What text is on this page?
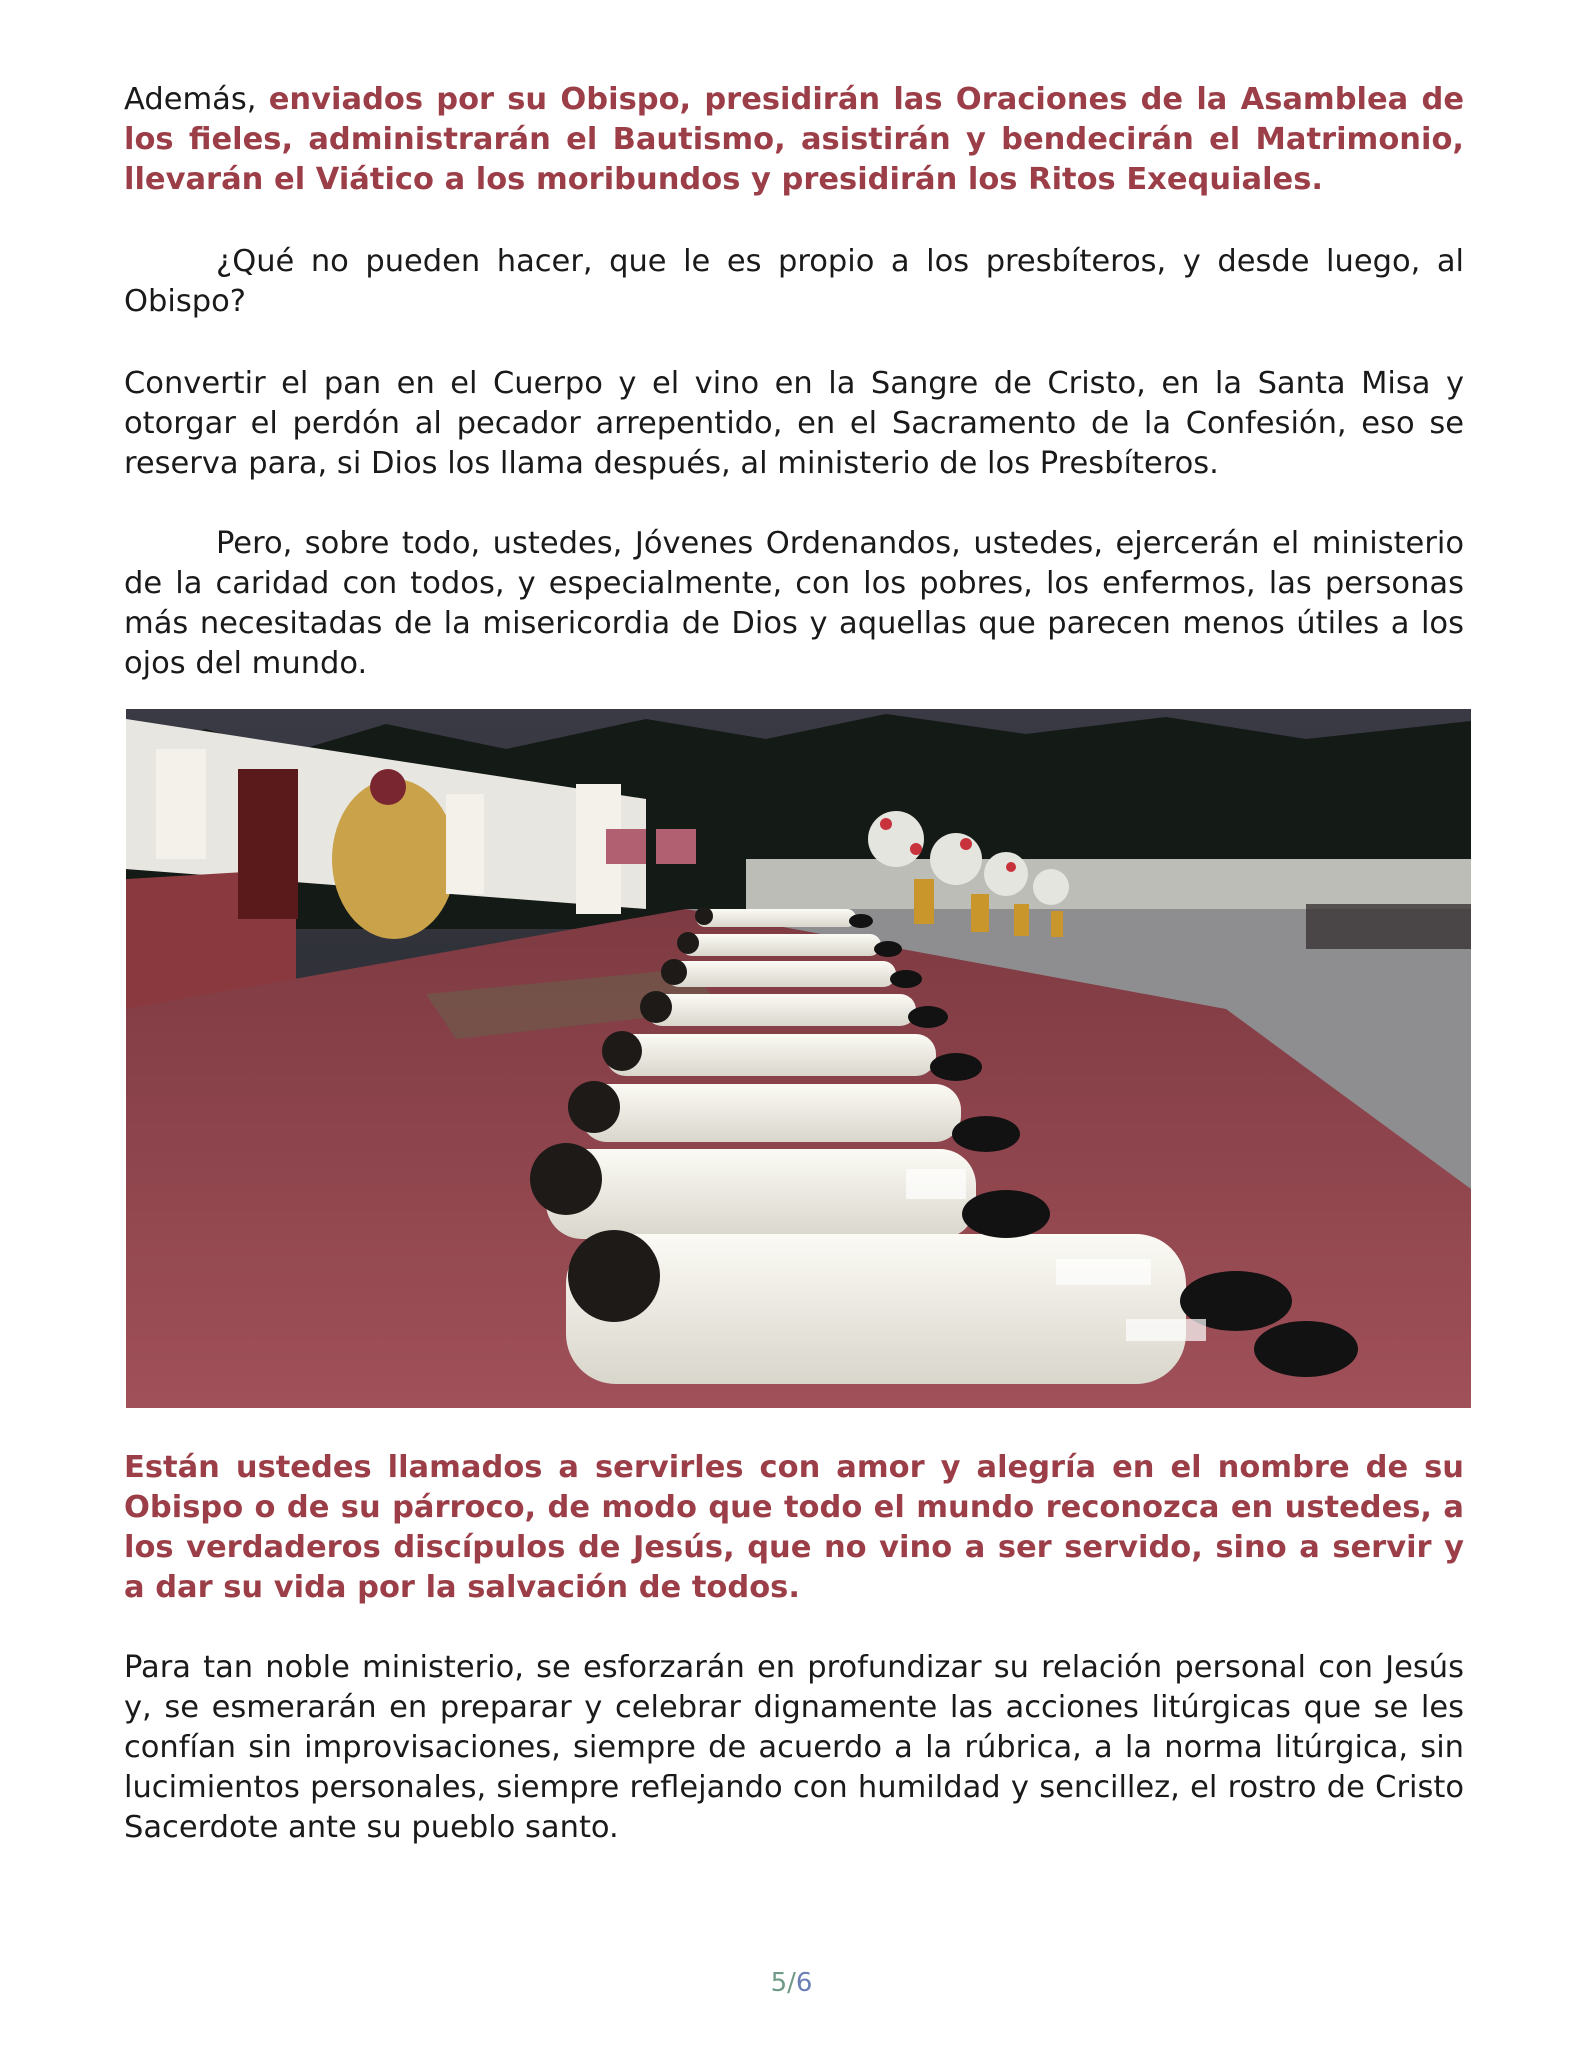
Además, enviados por su Obispo, presidirán las Oraciones de la Asamblea de los fieles, administrarán el Bautismo, asistirán y bendecirán el Matrimonio, llevarán el Viático a los moribundos y presidirán los Ritos Exequiales.

¿Qué no pueden hacer, que le es propio a los presbíteros, y desde luego, al Obispo?

Convertir el pan en el Cuerpo y el vino en la Sangre de Cristo, en la Santa Misa y otorgar el perdón al pecador arrepentido, en el Sacramento de la Confesión, eso se reserva para, si Dios los llama después, al ministerio de los Presbíteros.

Pero, sobre todo, ustedes, Jóvenes Ordenandos, ustedes, ejercerán el ministerio de la caridad con todos, y especialmente, con los pobres, los enfermos, las personas más necesitadas de la misericordia de Dios y aquellas que parecen menos útiles a los ojos del mundo.

Están ustedes llamados a servirles con amor y alegría en el nombre de su Obispo o de su párroco, de modo que todo el mundo reconozca en ustedes, a los verdaderos discípulos de Jesús, que no vino a ser servido, sino a servir y a dar su vida por la salvación de todos.

Para tan noble ministerio, se esforzarán en profundizar su relación personal con Jesús y, se esmerarán en preparar y celebrar dignamente las acciones litúrgicas que se les confían sin improvisaciones, siempre de acuerdo a la rúbrica, a la norma litúrgica, sin lucimientos personales, siempre reflejando con humildad y sencillez, el rostro de Cristo Sacerdote ante su pueblo santo.

5/6
